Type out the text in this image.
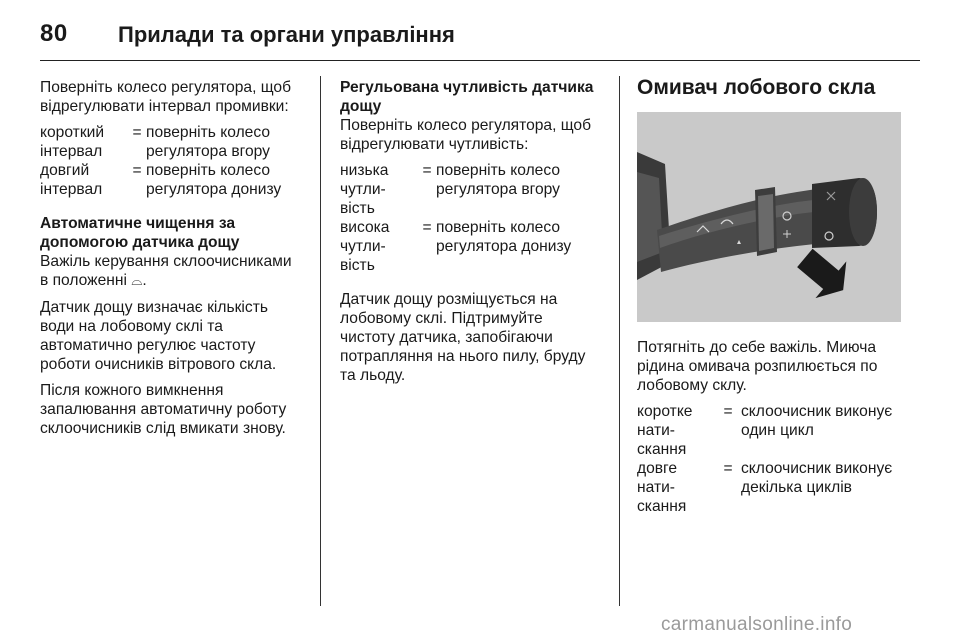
80 Прилади та органи управління

Поверніть колесо регулятора, щоб відрегулювати інтервал промивки:

короткий інтервал
= поверніть колесо регулятора вгору
довгий інтервал
= поверніть колесо регулятора донизу

Автоматичне чищення за допомогою датчика дощу

Важіль керування склоочисниками в положенні ⌓.

Датчик дощу визначає кількість води на лобовому склі та автоматично регулює частоту роботи очисників вітрового скла.

Після кожного вимкнення запалювання автоматичну роботу склоочисників слід вмикати знову.

Регульована чутливість датчика дощу

Поверніть колесо регулятора, щоб відрегулювати чутливість:

низька чутли-вість
= поверніть колесо регулятора вгору
висока чутли-вість
= поверніть колесо регулятора донизу

Датчик дощу розміщується на лобовому склі. Підтримуйте чистоту датчика, запобігаючи потрапляння на нього пилу, бруду та льоду.

Омивач лобового скла

Потягніть до себе важіль. Миюча рідина омивача розпилюється по лобовому склу.

коротке нати-скання
= склоочисник виконує один цикл
довге нати-скання
= склоочисник виконує декілька циклів
carmanualsonline.info
